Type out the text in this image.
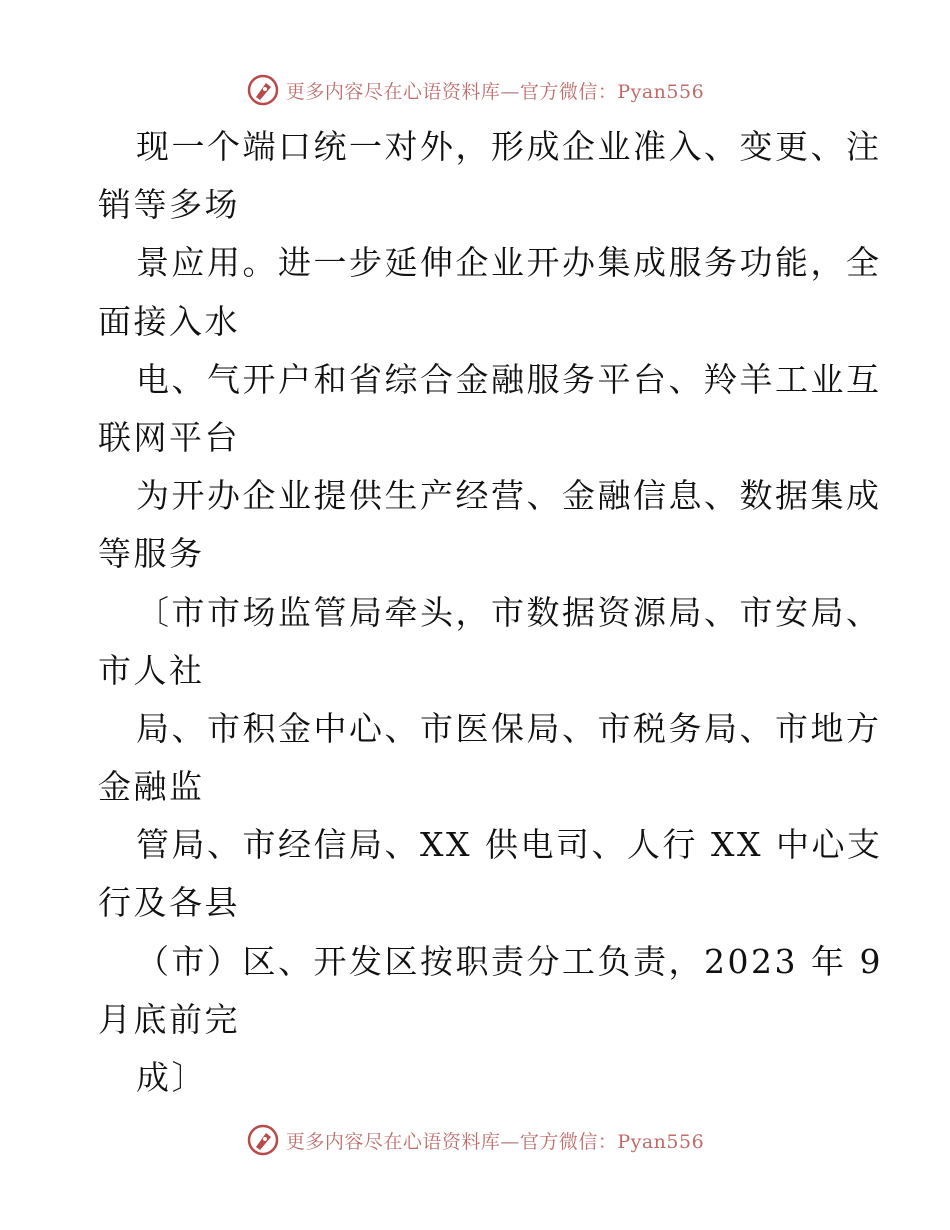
更多内容尽在心语资料库—官方微信：Pyan556
现一个端口统一对外，形成企业准入、变更、注
销等多场
景应用。进一步延伸企业开办集成服务功能，全
面接入水
电、气开户和省综合金融服务平台、羚羊工业互
联网平台
为开办企业提供生产经营、金融信息、数据集成
等服务
〔市市场监管局牵头，市数据资源局、市安局、
市人社
局、市积金中心、市医保局、市税务局、市地方
金融监
管局、市经信局、XX 供电司、人行 XX 中心支
行及各县
（市）区、开发区按职责分工负责，2023 年 9
月底前完
成〕
更多内容尽在心语资料库—官方微信：Pyan556
